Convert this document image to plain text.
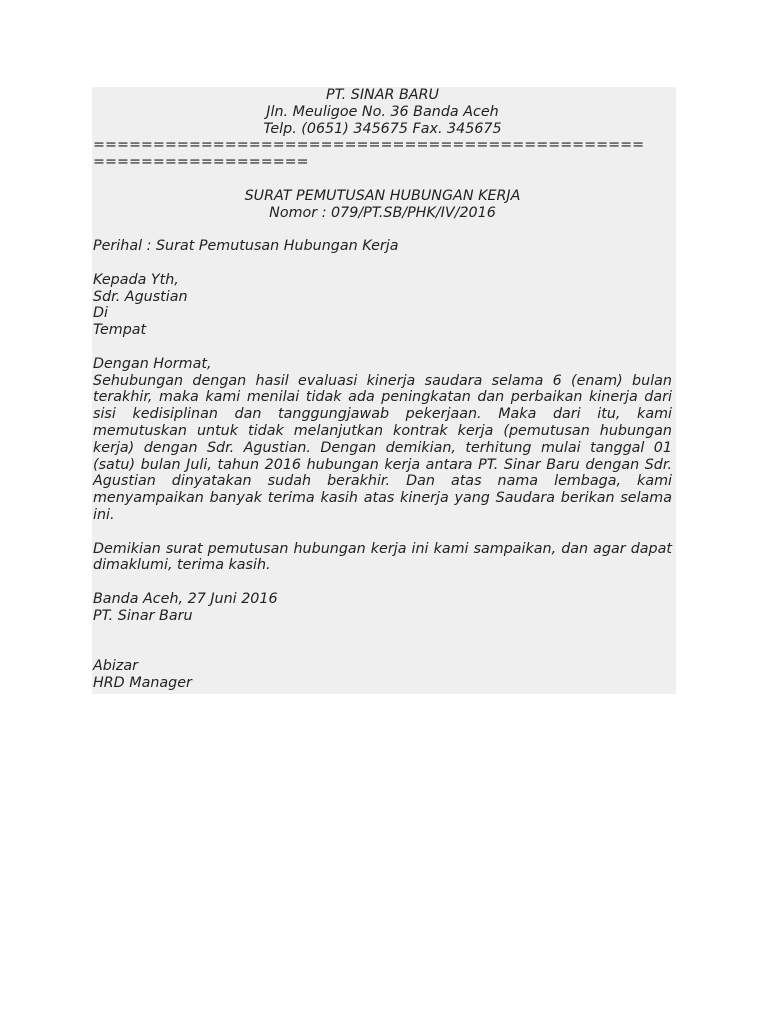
PT. SINAR BARU
Jln. Meuligoe No. 36 Banda Aceh
Telp. (0651) 345675 Fax. 345675
==============================================
==================
SURAT PEMUTUSAN HUBUNGAN KERJA
Nomor : 079/PT.SB/PHK/IV/2016
Perihal : Surat Pemutusan Hubungan Kerja
Kepada Yth,
Sdr. Agustian
Di
Tempat
Dengan Hormat,

Sehubungan dengan hasil evaluasi kinerja saudara selama 6 (enam) bulan terakhir, maka kami menilai tidak ada peningkatan dan perbaikan kinerja dari sisi kedisiplinan dan tanggungjawab pekerjaan. Maka dari itu, kami memutuskan untuk tidak melanjutkan kontrak kerja (pemutusan hubungan kerja) dengan Sdr. Agustian. Dengan demikian, terhitung mulai tanggal 01 (satu) bulan Juli, tahun 2016 hubungan kerja antara PT. Sinar Baru dengan Sdr. Agustian dinyatakan sudah berakhir. Dan atas nama lembaga, kami menyampaikan banyak terima kasih atas kinerja yang Saudara berikan selama ini.

Demikian surat pemutusan hubungan kerja ini kami sampaikan, dan agar dapat dimaklumi, terima kasih.

Banda Aceh, 27 Juni 2016
PT. Sinar Baru
Abizar
HRD Manager
